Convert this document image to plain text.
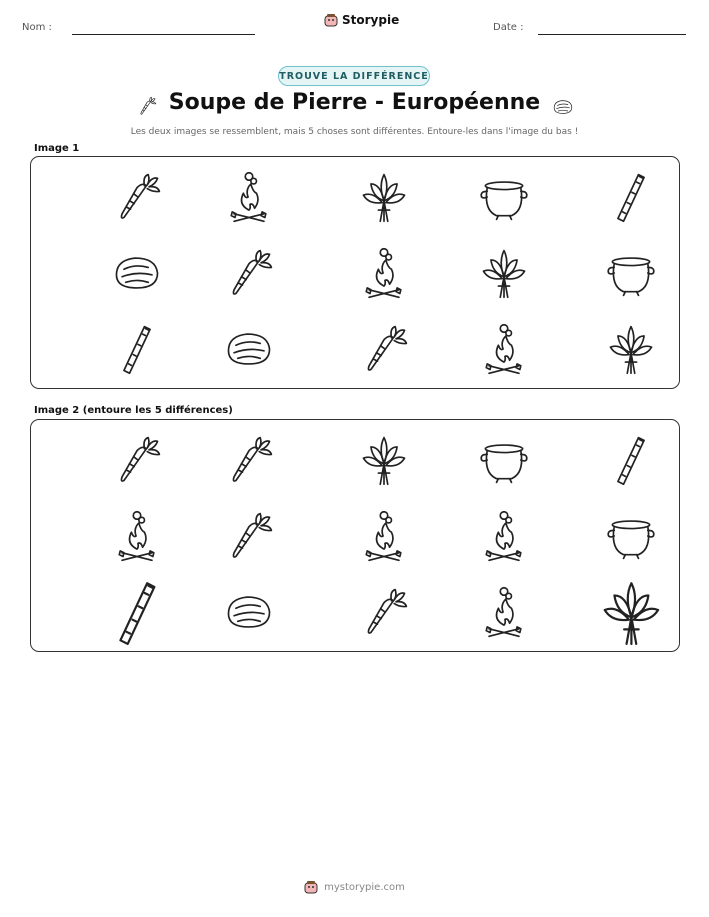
Nom :
Storypie
Date :
TROUVE LA DIFFÉRENCE
Soupe de Pierre - Européenne
Les deux images se ressemblent, mais 5 choses sont différentes. Entoure-les dans l'image du bas !
Image 1
Image 2 (entoure les 5 différences)
mystorypie.com
